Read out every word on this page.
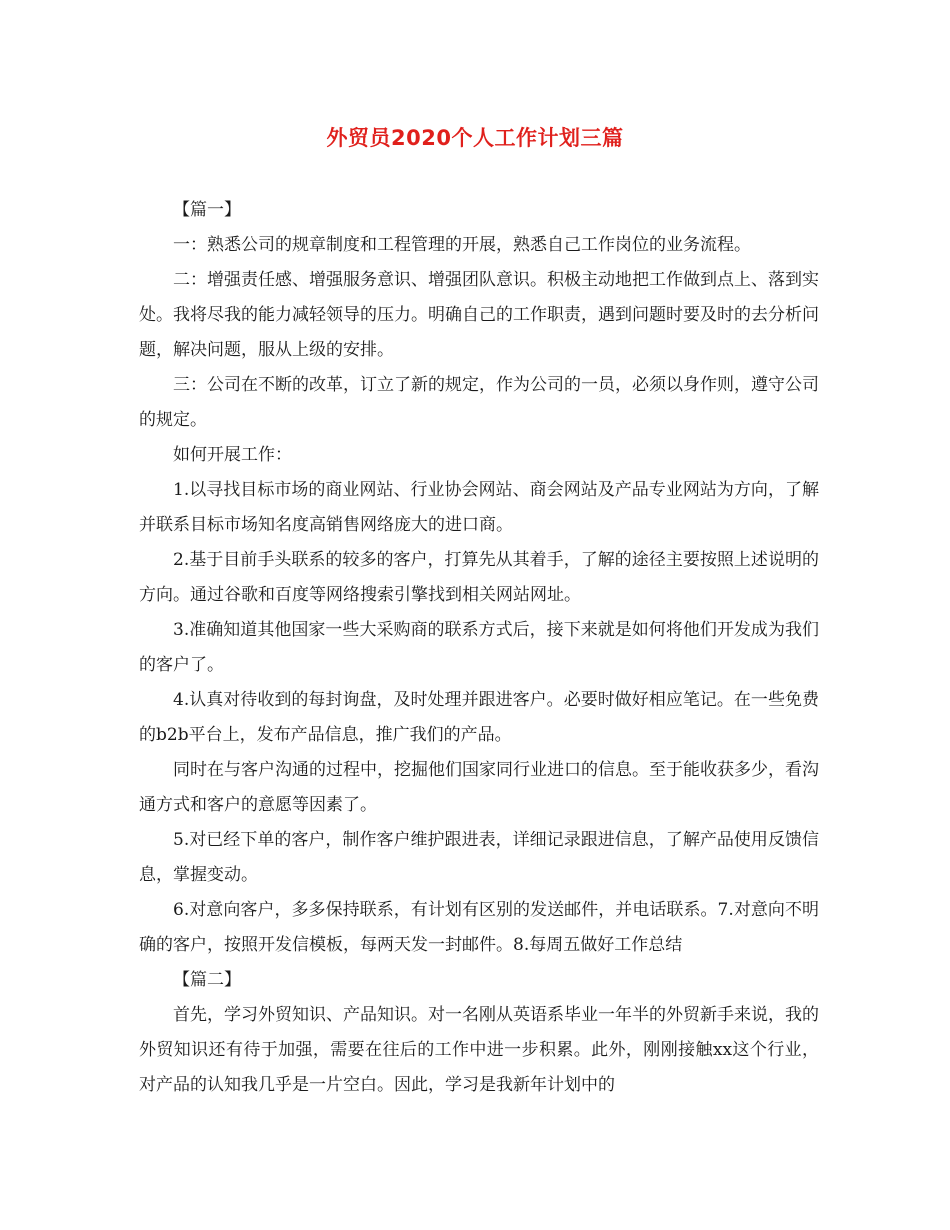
外贸员2020个人工作计划三篇

【篇一】

一：熟悉公司的规章制度和工程管理的开展，熟悉自己工作岗位的业务流程。

二：增强责任感、增强服务意识、增强团队意识。积极主动地把工作做到点上、落到实处。我将尽我的能力减轻领导的压力。明确自己的工作职责，遇到问题时要及时的去分析问题，解决问题，服从上级的安排。

三：公司在不断的改革，订立了新的规定，作为公司的一员，必须以身作则，遵守公司的规定。

如何开展工作：

1.以寻找目标市场的商业网站、行业协会网站、商会网站及产品专业网站为方向，了解并联系目标市场知名度高销售网络庞大的进口商。

2.基于目前手头联系的较多的客户，打算先从其着手，了解的途径主要按照上述说明的方向。通过谷歌和百度等网络搜索引擎找到相关网站网址。

3.准确知道其他国家一些大采购商的联系方式后，接下来就是如何将他们开发成为我们的客户了。

4.认真对待收到的每封询盘，及时处理并跟进客户。必要时做好相应笔记。在一些免费的b2b平台上，发布产品信息，推广我们的产品。

同时在与客户沟通的过程中，挖掘他们国家同行业进口的信息。至于能收获多少，看沟通方式和客户的意愿等因素了。

5.对已经下单的客户，制作客户维护跟进表，详细记录跟进信息，了解产品使用反馈信息，掌握变动。

6.对意向客户，多多保持联系，有计划有区别的发送邮件，并电话联系。7.对意向不明确的客户，按照开发信模板，每两天发一封邮件。8.每周五做好工作总结

【篇二】

首先，学习外贸知识、产品知识。对一名刚从英语系毕业一年半的外贸新手来说，我的外贸知识还有待于加强，需要在往后的工作中进一步积累。此外，刚刚接触xx这个行业，对产品的认知我几乎是一片空白。因此，学习是我新年计划中的
